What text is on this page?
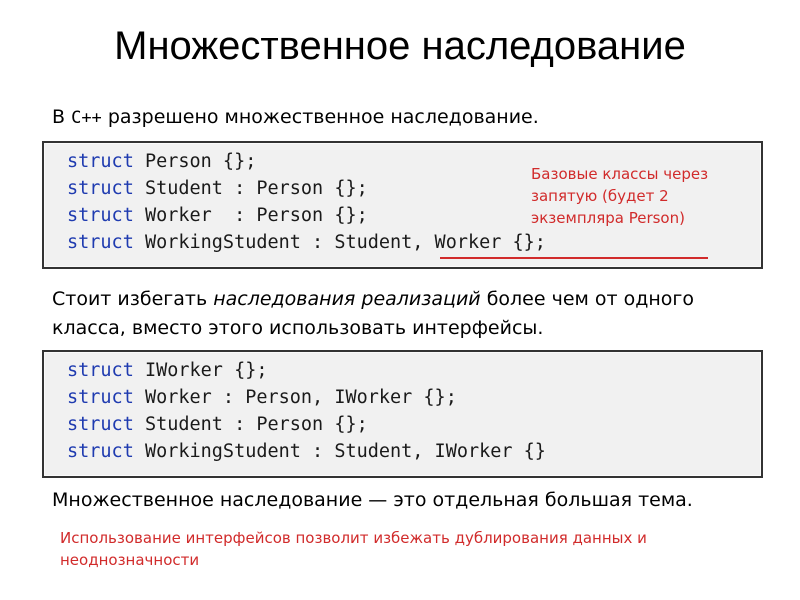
Множественное наследование
В C++ разрешено множественное наследование.
struct Person {};
struct Student : Person {};
struct Worker  : Person {};
struct WorkingStudent : Student, Worker {};
Базовые классы через
запятую (будет 2
экземпляра Person)
Стоит избегать наследования реализаций более чем от одного
класса, вместо этого использовать интерфейсы.
struct IWorker {};
struct Worker : Person, IWorker {};
struct Student : Person {};
struct WorkingStudent : Student, IWorker {}
Множественное наследование — это отдельная большая тема.
Использование интерфейсов позволит избежать дублирования данных и
неоднозначности
